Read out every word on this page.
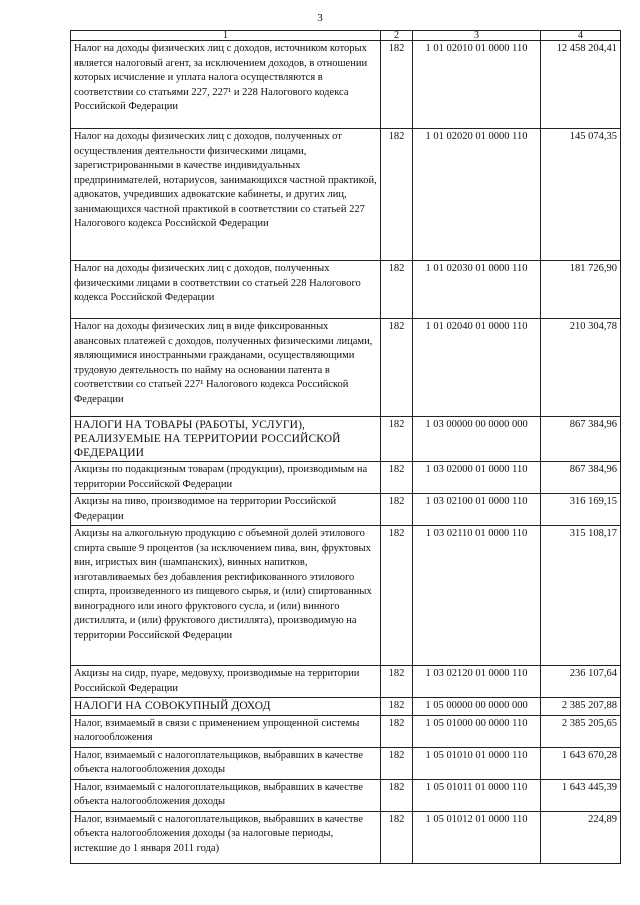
3
1	2	3	4
Налог на доходы физических лиц с доходов, источником которых является налоговый агент, за исключением доходов, в отношении которых исчисление и уплата налога осуществляются в соответствии со статьями 227, 227¹ и 228 Налогового кодекса Российской Федерации	182	1 01 02010 01 0000 110	12 458 204,41
Налог на доходы физических лиц с доходов, полученных от осуществления деятельности физическими лицами, зарегистрированными в качестве индивидуальных предпринимателей, нотариусов, занимающихся частной практикой, адвокатов, учредивших адвокатские кабинеты, и других лиц, занимающихся частной практикой в соответствии со статьей 227 Налогового кодекса Российской Федерации	182	1 01 02020 01 0000 110	145 074,35
Налог на доходы физических лиц с доходов, полученных физическими лицами в соответствии со статьей 228 Налогового кодекса Российской Федерации	182	1 01 02030 01 0000 110	181 726,90
Налог на доходы физических лиц в виде фиксированных авансовых платежей с доходов, полученных физическими лицами, являющимися иностранными гражданами, осуществляющими трудовую деятельность по найму на основании патента в соответствии со статьей 227¹ Налогового кодекса Российской Федерации	182	1 01 02040 01 0000 110	210 304,78
НАЛОГИ НА ТОВАРЫ (РАБОТЫ, УСЛУГИ), РЕАЛИЗУЕМЫЕ НА ТЕРРИТОРИИ РОССИЙСКОЙ ФЕДЕРАЦИИ	182	1 03 00000 00 0000 000	867 384,96
Акцизы по подакцизным товарам (продукции), производимым на территории Российской Федерации	182	1 03 02000 01 0000 110	867 384,96
Акцизы на пиво, производимое на территории Российской Федерации	182	1 03 02100 01 0000 110	316 169,15
Акцизы на алкогольную продукцию с объемной долей этилового спирта свыше 9 процентов (за исключением пива, вин, фруктовых вин, игристых вин (шампанских), винных напитков, изготавливаемых без добавления ректификованного этилового спирта, произведенного из пищевого сырья, и (или) спиртованных виноградного или иного фруктового сусла, и (или) винного дистиллята, и (или) фруктового дистиллята), производимую на территории Российской Федерации	182	1 03 02110 01 0000 110	315 108,17
Акцизы на сидр, пуаре, медовуху, производимые на территории Российской Федерации	182	1 03 02120 01 0000 110	236 107,64
НАЛОГИ НА СОВОКУПНЫЙ ДОХОД	182	1 05 00000 00 0000 000	2 385 207,88
Налог, взимаемый в связи с применением упрощенной системы налогообложения	182	1 05 01000 00 0000 110	2 385 205,65
Налог, взимаемый с налогоплательщиков, выбравших в качестве объекта налогообложения доходы	182	1 05 01010 01 0000 110	1 643 670,28
Налог, взимаемый с налогоплательщиков, выбравших в качестве объекта налогообложения доходы	182	1 05 01011 01 0000 110	1 643 445,39
Налог, взимаемый с налогоплательщиков, выбравших в качестве объекта налогообложения доходы (за налоговые периоды, истекшие до 1 января 2011 года)	182	1 05 01012 01 0000 110	224,89
